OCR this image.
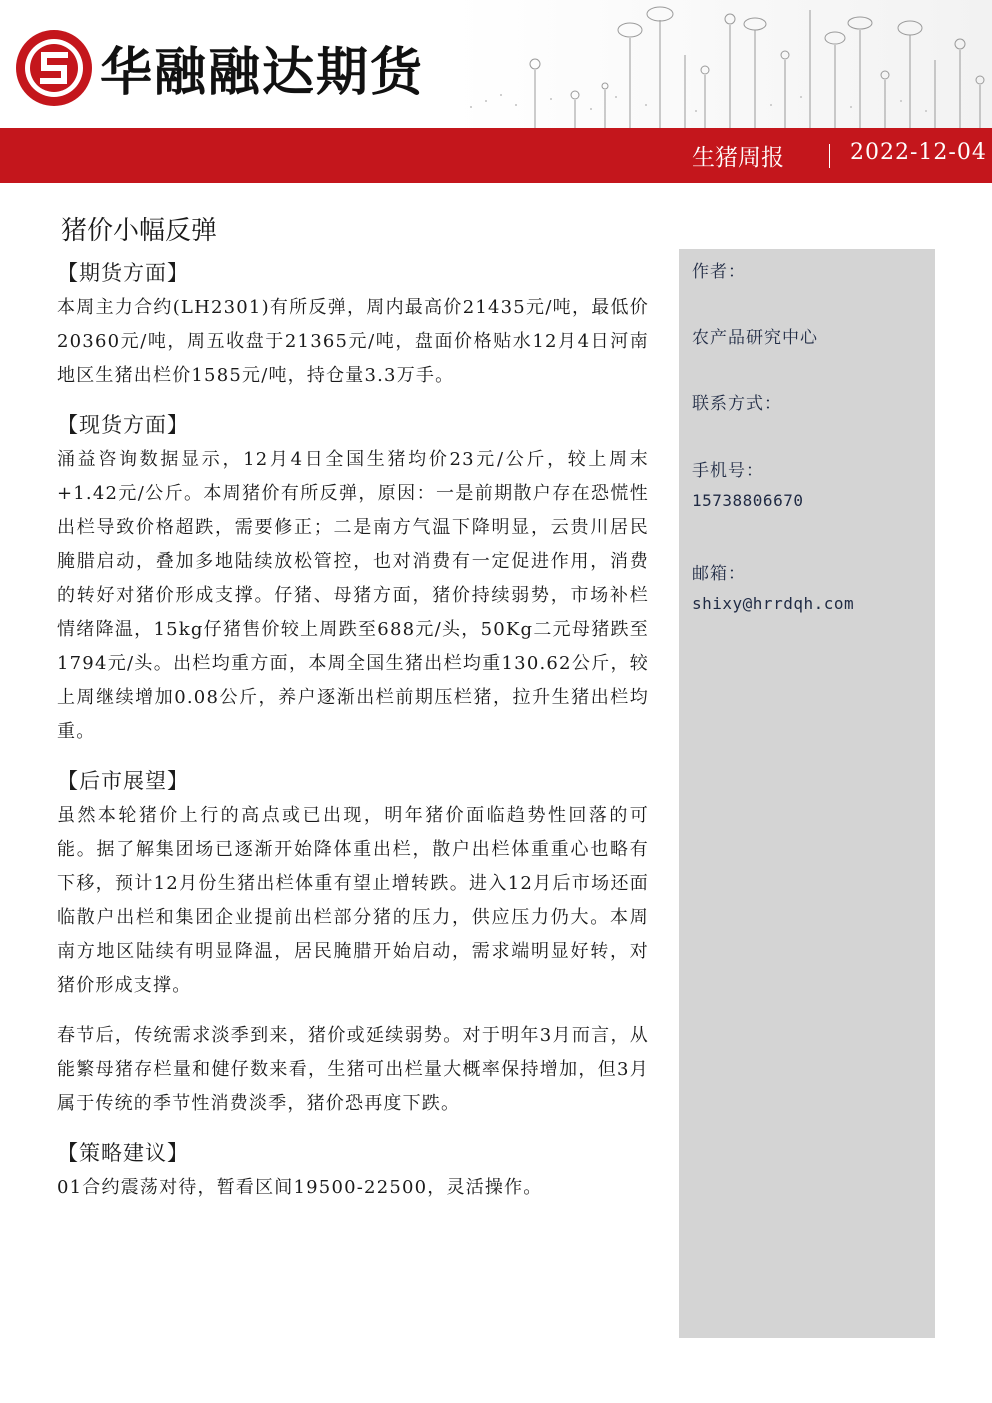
华融融达期货
生猪周报	2022-12-04
猪价小幅反弹
【期货方面】

本周主力合约(LH2301)有所反弹，周内最高价21435元/吨，最低价20360元/吨，周五收盘于21365元/吨，盘面价格贴水12月4日河南地区生猪出栏价1585元/吨，持仓量3.3万手。

【现货方面】

涌益咨询数据显示，12月4日全国生猪均价23元/公斤，较上周末+1.42元/公斤。本周猪价有所反弹，原因：一是前期散户存在恐慌性出栏导致价格超跌，需要修正；二是南方气温下降明显，云贵川居民腌腊启动，叠加多地陆续放松管控，也对消费有一定促进作用，消费的转好对猪价形成支撑。仔猪、母猪方面，猪价持续弱势，市场补栏情绪降温，15kg仔猪售价较上周跌至688元/头，50Kg二元母猪跌至1794元/头。出栏均重方面，本周全国生猪出栏均重130.62公斤，较上周继续增加0.08公斤，养户逐渐出栏前期压栏猪，拉升生猪出栏均重。

【后市展望】

虽然本轮猪价上行的高点或已出现，明年猪价面临趋势性回落的可能。据了解集团场已逐渐开始降体重出栏，散户出栏体重重心也略有下移，预计12月份生猪出栏体重有望止增转跌。进入12月后市场还面临散户出栏和集团企业提前出栏部分猪的压力，供应压力仍大。本周南方地区陆续有明显降温，居民腌腊开始启动，需求端明显好转，对猪价形成支撑。

春节后，传统需求淡季到来，猪价或延续弱势。对于明年3月而言，从能繁母猪存栏量和健仔数来看，生猪可出栏量大概率保持增加，但3月属于传统的季节性消费淡季，猪价恐再度下跌。

【策略建议】

01合约震荡对待，暂看区间19500-22500，灵活操作。

作者：
农产品研究中心
联系方式：
手机号：
15738806670
邮箱：
shixy@hrrdqh.com
